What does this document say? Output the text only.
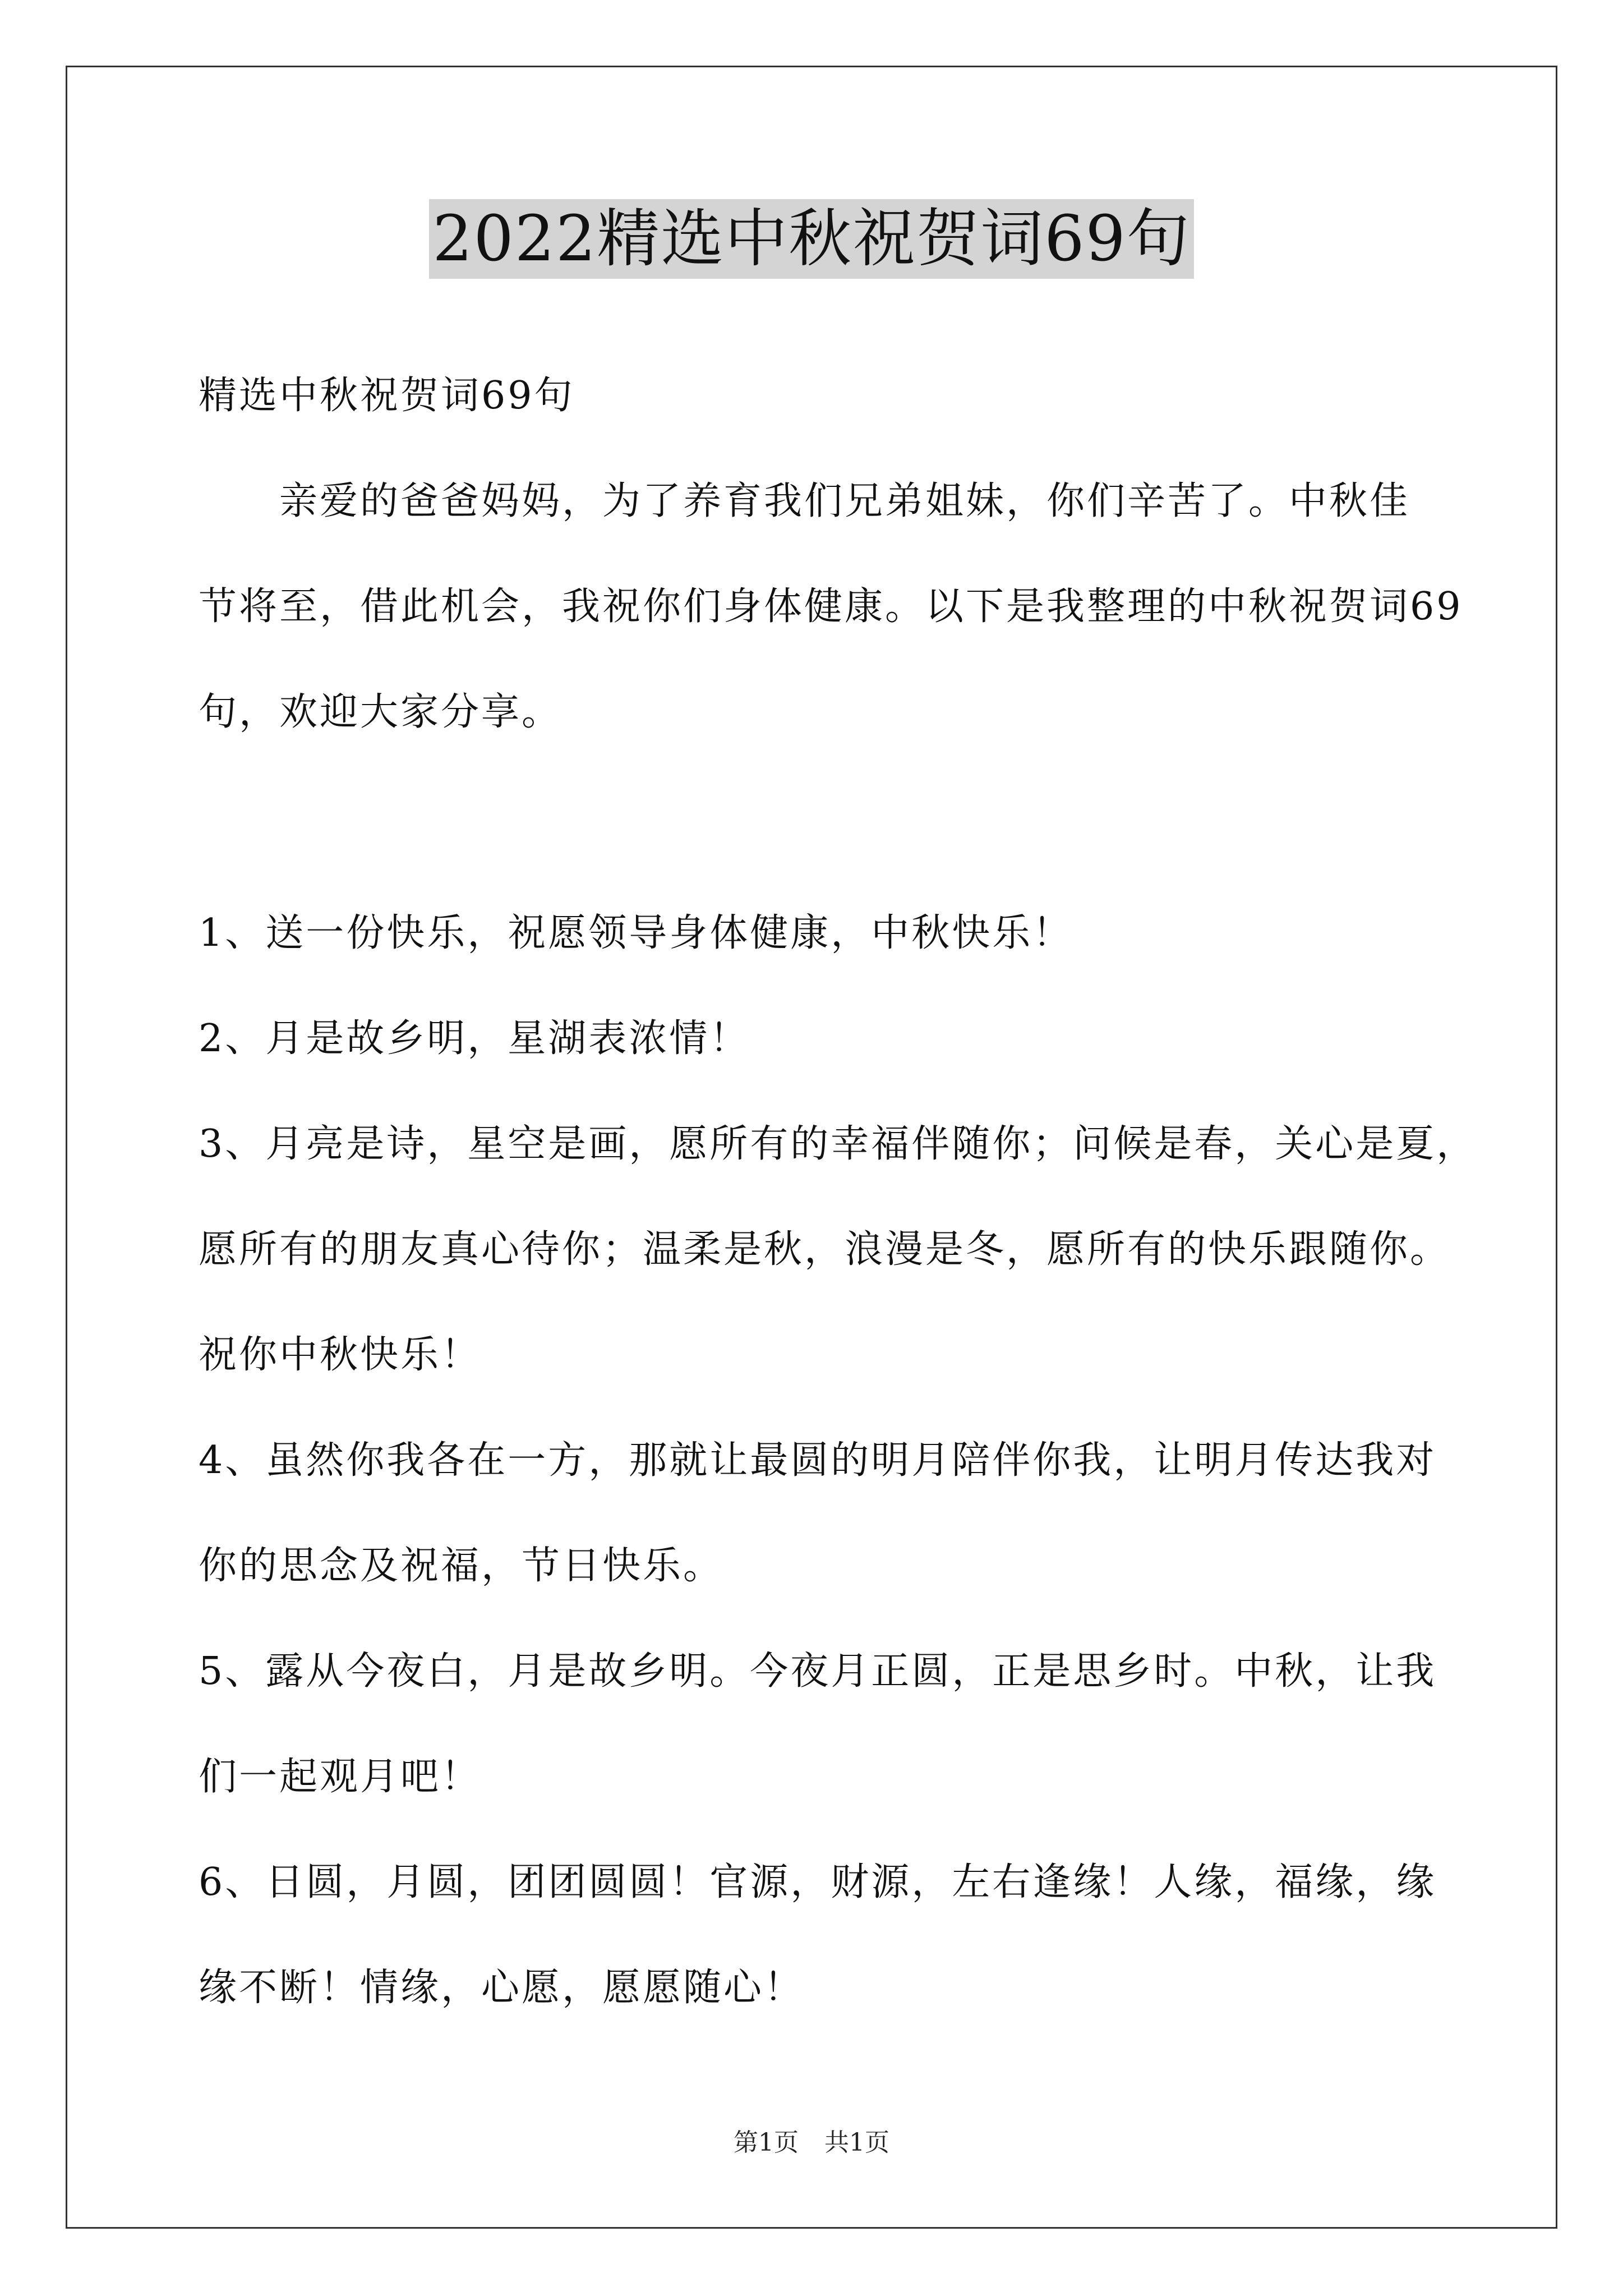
2022精选中秋祝贺词69句
精选中秋祝贺词69句
　　亲爱的爸爸妈妈，为了养育我们兄弟姐妹，你们辛苦了。中秋佳
节将至，借此机会，我祝你们身体健康。以下是我整理的中秋祝贺词69
句，欢迎大家分享。
1、送一份快乐，祝愿领导身体健康，中秋快乐！
2、月是故乡明，星湖表浓情！
3、月亮是诗，星空是画，愿所有的幸福伴随你；问候是春，关心是夏，
愿所有的朋友真心待你；温柔是秋，浪漫是冬，愿所有的快乐跟随你。
祝你中秋快乐！
4、虽然你我各在一方，那就让最圆的明月陪伴你我，让明月传达我对
你的思念及祝福，节日快乐。
5、露从今夜白，月是故乡明。今夜月正圆，正是思乡时。中秋，让我
们一起观月吧！
6、日圆，月圆，团团圆圆！官源，财源，左右逢缘！人缘，福缘，缘
缘不断！情缘，心愿，愿愿随心！
第1页 共1页
